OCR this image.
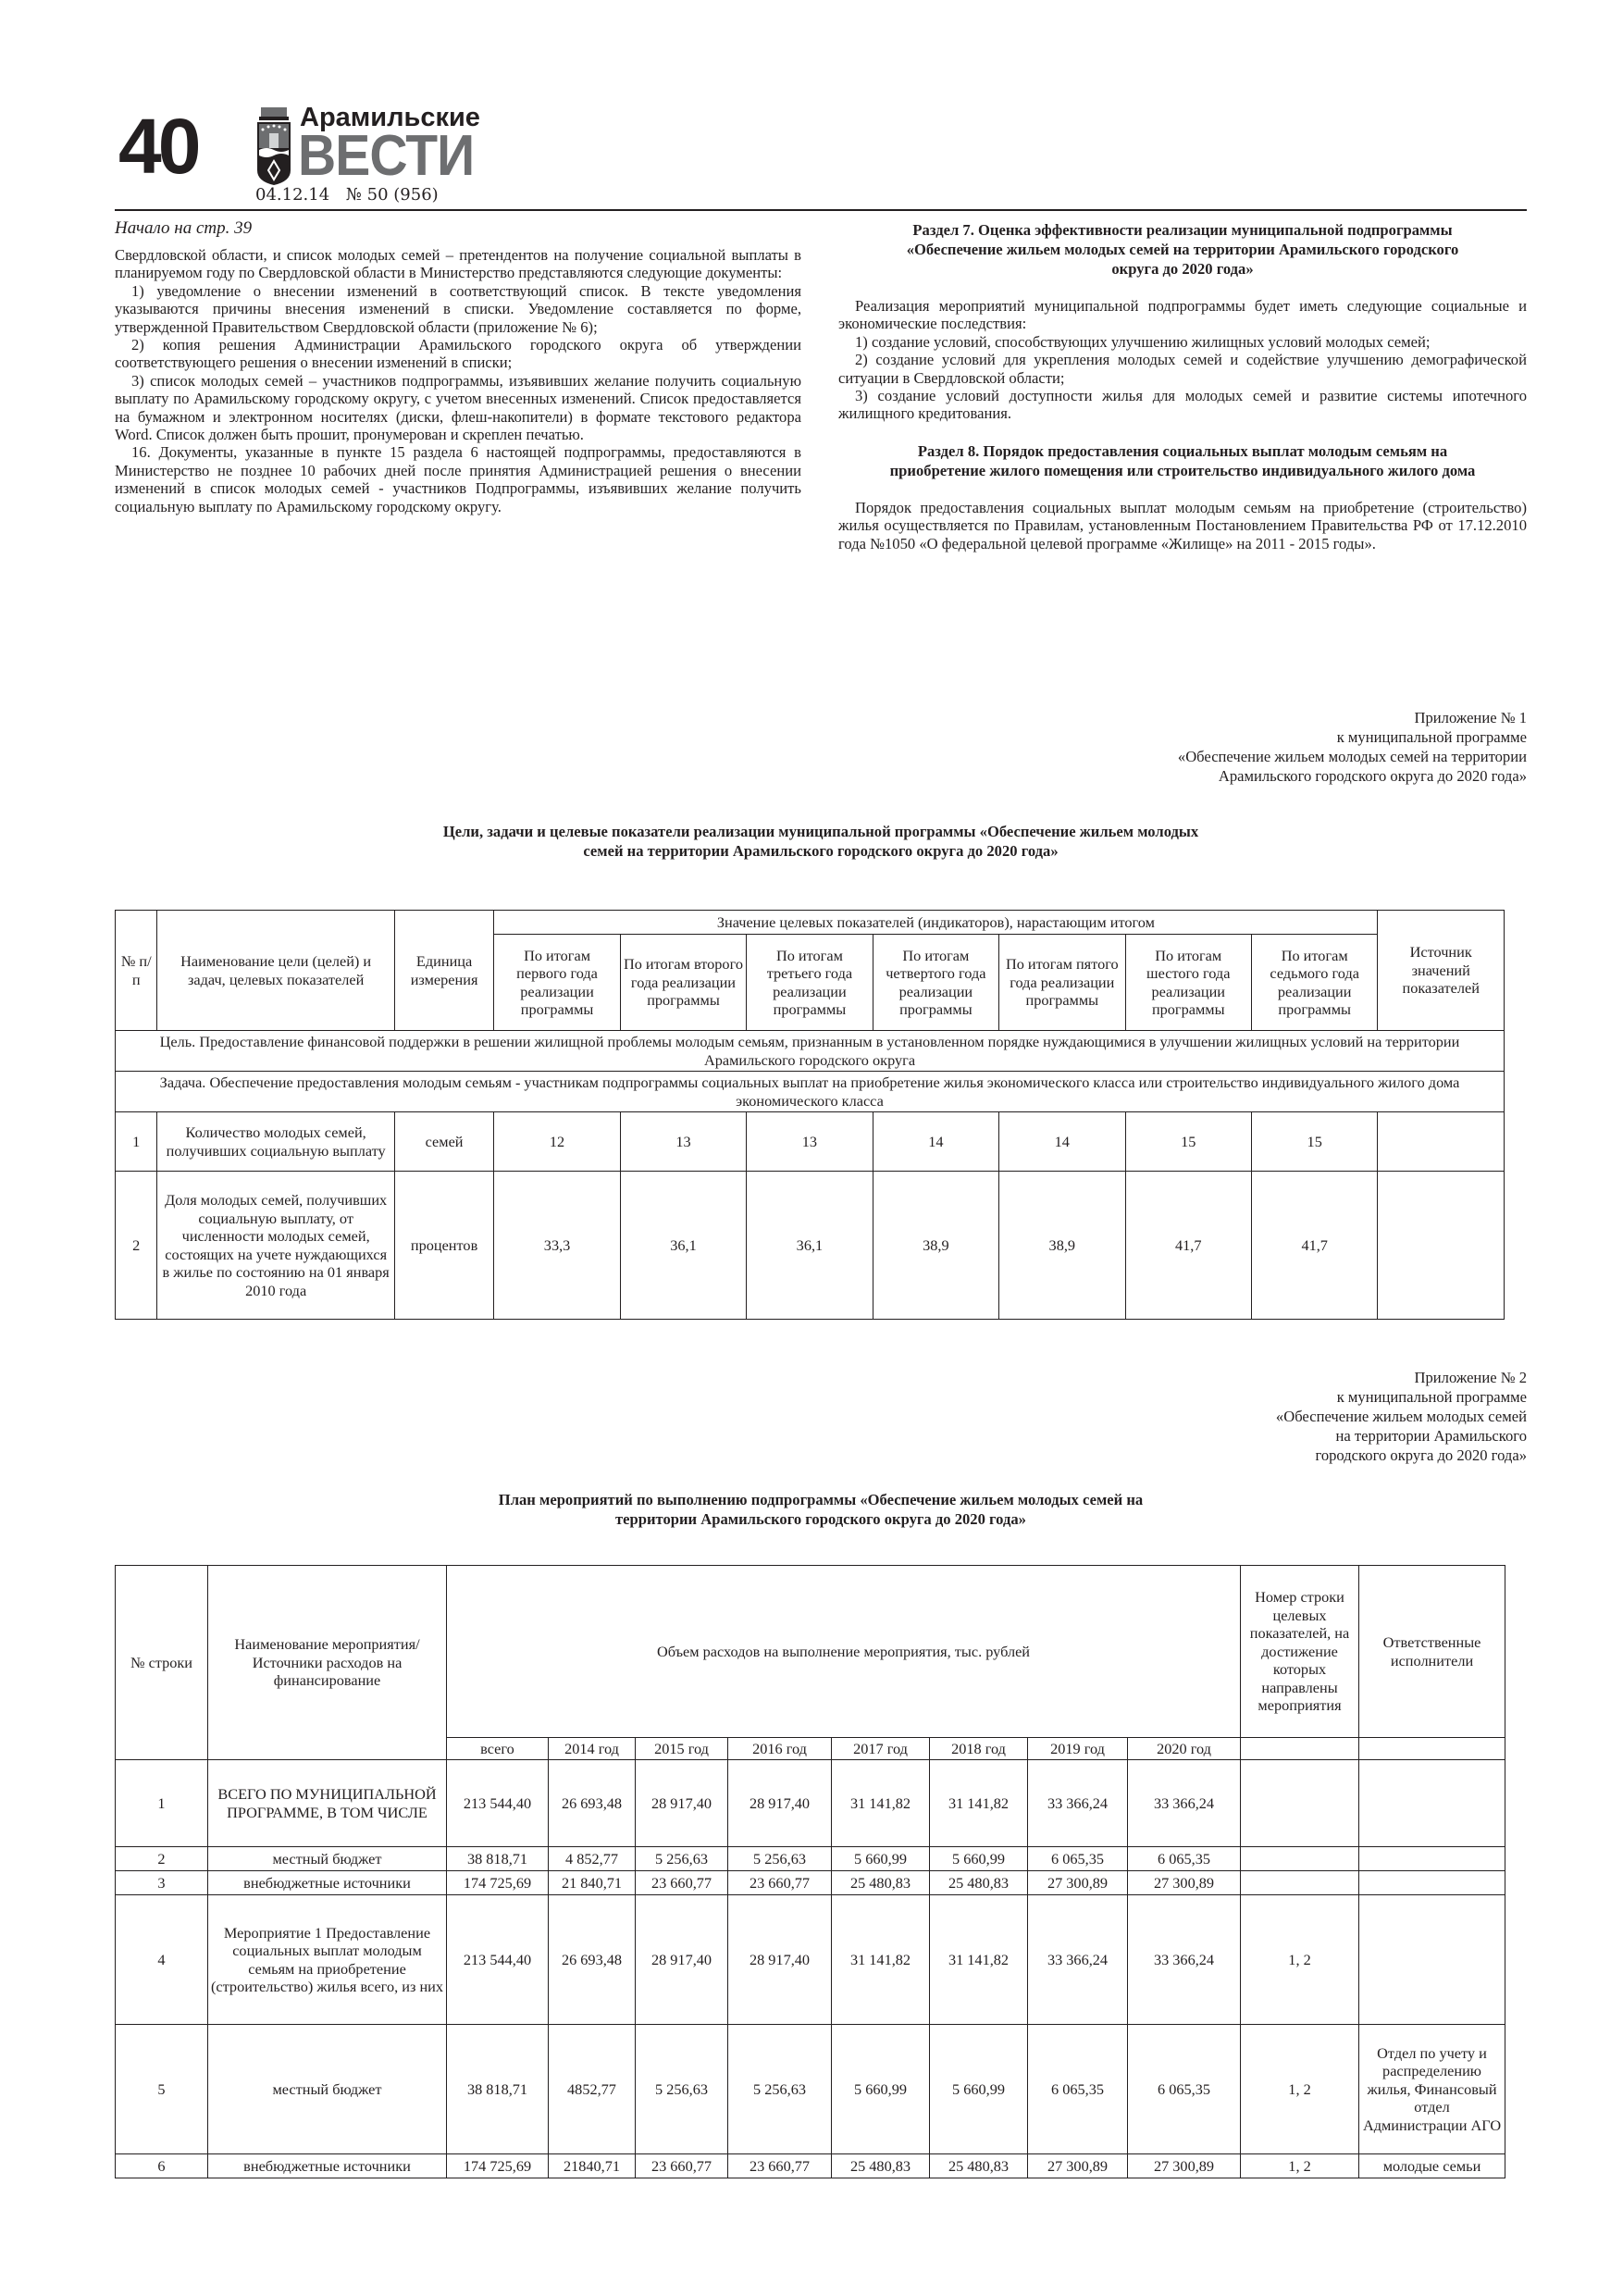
40	Арамильские
ВЕСТИ
04.12.14 № 50 (956)
Начало на стр. 39

Свердловской области, и список молодых семей – претендентов на получение социальной выплаты в планируемом году по Свердловской области в Министерство представляются следующие документы:

1) уведомление о внесении изменений в соответствующий список. В тексте уведомления указываются причины внесения изменений в списки. Уведомление составляется по форме, утвержденной Правительством Свердловской области (приложение № 6);

2) копия решения Администрации Арамильского городского округа об утверждении соответствующего решения о внесении изменений в списки;

3) список молодых семей – участников подпрограммы, изъявивших желание получить социальную выплату по Арамильскому городскому округу, с учетом внесенных изменений. Список предоставляется на бумажном и электронном носителях (диски, флеш-накопители) в формате текстового редактора Word. Список должен быть прошит, пронумерован и скреплен печатью.

16. Документы, указанные в пункте 15 раздела 6 настоящей подпрограммы, предоставляются в Министерство не позднее 10 рабочих дней после принятия Администрацией решения о внесении изменений в список молодых семей - участников Подпрограммы, изъявивших желание получить социальную выплату по Арамильскому городскому округу.

Раздел 7. Оценка эффективности реализации муниципальной подпрограммы «Обеспечение жильем молодых семей на территории Арамильского городского округа до 2020 года»

Реализация мероприятий муниципальной подпрограммы будет иметь следующие социальные и экономические последствия:

1) создание условий, способствующих улучшению жилищных условий молодых семей;

2) создание условий для укрепления молодых семей и содействие улучшению демографической ситуации в Свердловской области;

3) создание условий доступности жилья для молодых семей и развитие системы ипотечного жилищного кредитования.

Раздел 8. Порядок предоставления социальных выплат молодым семьям на приобретение жилого помещения или строительство индивидуального жилого дома

Порядок предоставления социальных выплат молодым семьям на приобретение (строительство) жилья осуществляется по Правилам, установленным Постановлением Правительства РФ от 17.12.2010 года №1050 «О федеральной целевой программе «Жилище» на 2011 - 2015 годы».

Приложение № 1
к муниципальной программе
«Обеспечение жильем молодых семей на территории
Арамильского городского округа до 2020 года»
Цели, задачи и целевые показатели реализации муниципальной программы «Обеспечение жильем молодых
семей на территории Арамильского городского округа до 2020 года»
№ п/п	Наименование цели (целей) и задач, целевых показателей	Единица измерения	Значение целевых показателей (индикаторов), нарастающим итогом							Источник значений показателей
			По итогам первого года реализации программы	По итогам второго года реализации программы	По итогам третьего года реализации программы	По итогам четвертого года реализации программы	По итогам пятого года реализации программы	По итогам шестого года реализации программы	По итогам седьмого года реализации программы	
Цель. Предоставление финансовой поддержки в решении жилищной проблемы молодым семьям, признанным в установленном порядке нуждающимися в улучшении жилищных условий на территории Арамильского городского округа										
Задача. Обеспечение предоставления молодым семьям - участникам подпрограммы социальных выплат на приобретение жилья экономического класса или строительство индивидуального жилого дома экономического класса										
1	Количество молодых семей, получивших социальную выплату	семей	12	13	13	14	14	15	15	
2	Доля молодых семей, получивших социальную выплату, от численности молодых семей, состоящих на учете нуждающихся в жилье по состоянию на 01 января 2010 года	процентов	33,3	36,1	36,1	38,9	38,9	41,7	41,7	
Приложение № 2
к муниципальной программе
«Обеспечение жильем молодых семей
на территории Арамильского
городского округа до 2020 года»
План мероприятий по выполнению подпрограммы «Обеспечение жильем молодых семей на
территории Арамильского городского округа до 2020 года»
№ строки	Наименование мероприятия/ Источники расходов на финансирование	Объем расходов на выполнение мероприятия, тыс. рублей								Номер строки целевых показателей, на достижение которых направлены мероприятия	Ответственные исполнители
		всего	2014 год	2015 год	2016 год	2017 год	2018 год	2019 год	2020 год		
1	ВСЕГО ПО МУНИЦИПАЛЬНОЙ ПРОГРАММЕ, В ТОМ ЧИСЛЕ	213 544,40	26 693,48	28 917,40	28 917,40	31 141,82	31 141,82	33 366,24	33 366,24		
2	местный бюджет	38 818,71	4 852,77	5 256,63	5 256,63	5 660,99	5 660,99	6 065,35	6 065,35		
3	внебюджетные источники	174 725,69	21 840,71	23 660,77	23 660,77	25 480,83	25 480,83	27 300,89	27 300,89		
4	Мероприятие 1 Предоставление социальных выплат молодым семьям на приобретение (строительство) жилья всего, из них	213 544,40	26 693,48	28 917,40	28 917,40	31 141,82	31 141,82	33 366,24	33 366,24	1, 2	
5	местный бюджет	38 818,71	4852,77	5 256,63	5 256,63	5 660,99	5 660,99	6 065,35	6 065,35	1, 2	Отдел по учету и распределению жилья, Финансовый отдел Администрации АГО
6	внебюджетные источники	174 725,69	21840,71	23 660,77	23 660,77	25 480,83	25 480,83	27 300,89	27 300,89	1, 2	молодые семьи
